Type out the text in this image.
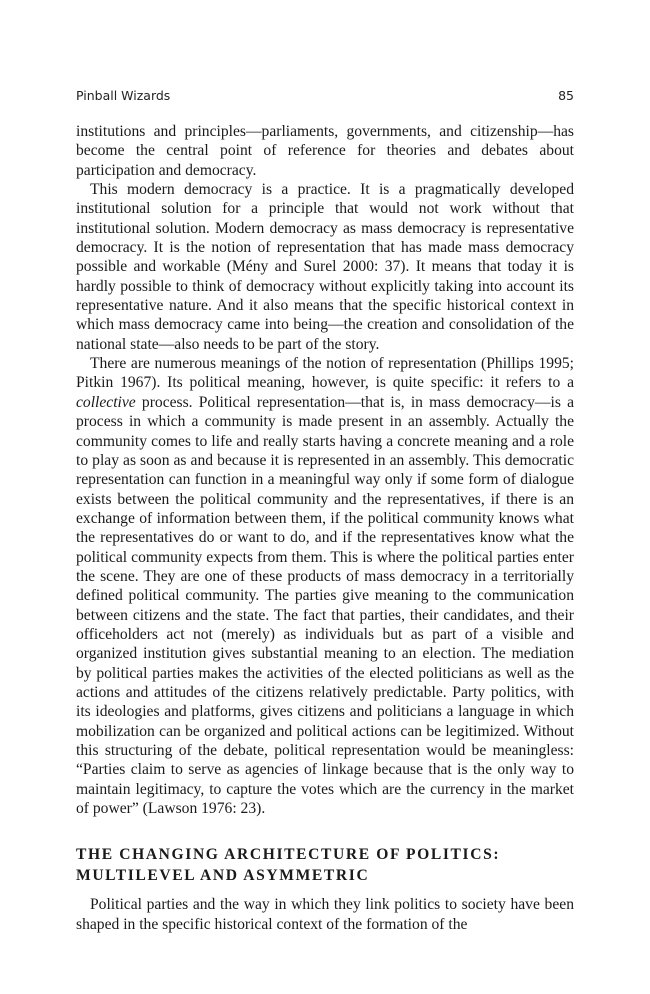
Pinball Wizards	85

institutions and principles—parliaments, governments, and citizenship—has become the central point of reference for theories and debates about participation and democracy.

This modern democracy is a practice. It is a pragmatically developed institutional solution for a principle that would not work without that institutional solution. Modern democracy as mass democracy is representative democracy. It is the notion of representation that has made mass democracy possible and workable (Mény and Surel 2000: 37). It means that today it is hardly possible to think of democracy without explicitly taking into account its representative nature. And it also means that the specific historical context in which mass democracy came into being—the creation and consolidation of the national state—also needs to be part of the story.

There are numerous meanings of the notion of representation (Phillips 1995; Pitkin 1967). Its political meaning, however, is quite specific: it refers to a collective process. Political representation—that is, in mass democracy—is a process in which a community is made present in an assembly. Actually the community comes to life and really starts having a concrete meaning and a role to play as soon as and because it is represented in an assembly. This democratic representation can function in a meaningful way only if some form of dialogue exists between the political community and the representatives, if there is an exchange of information between them, if the political community knows what the representatives do or want to do, and if the representatives know what the political community expects from them. This is where the political parties enter the scene. They are one of these products of mass democracy in a territorially defined political community. The parties give meaning to the communication between citizens and the state. The fact that parties, their candidates, and their officeholders act not (merely) as individuals but as part of a visible and organized institution gives substantial meaning to an election. The mediation by political parties makes the activities of the elected politicians as well as the actions and attitudes of the citizens relatively predictable. Party politics, with its ideologies and platforms, gives citizens and politicians a language in which mobilization can be organized and political actions can be legitimized. Without this structuring of the debate, political representation would be meaningless: “Parties claim to serve as agencies of linkage because that is the only way to maintain legitimacy, to capture the votes which are the currency in the market of power” (Lawson 1976: 23).

THE CHANGING ARCHITECTURE OF POLITICS:
MULTILEVEL AND ASYMMETRIC

Political parties and the way in which they link politics to society have been shaped in the specific historical context of the formation of the
